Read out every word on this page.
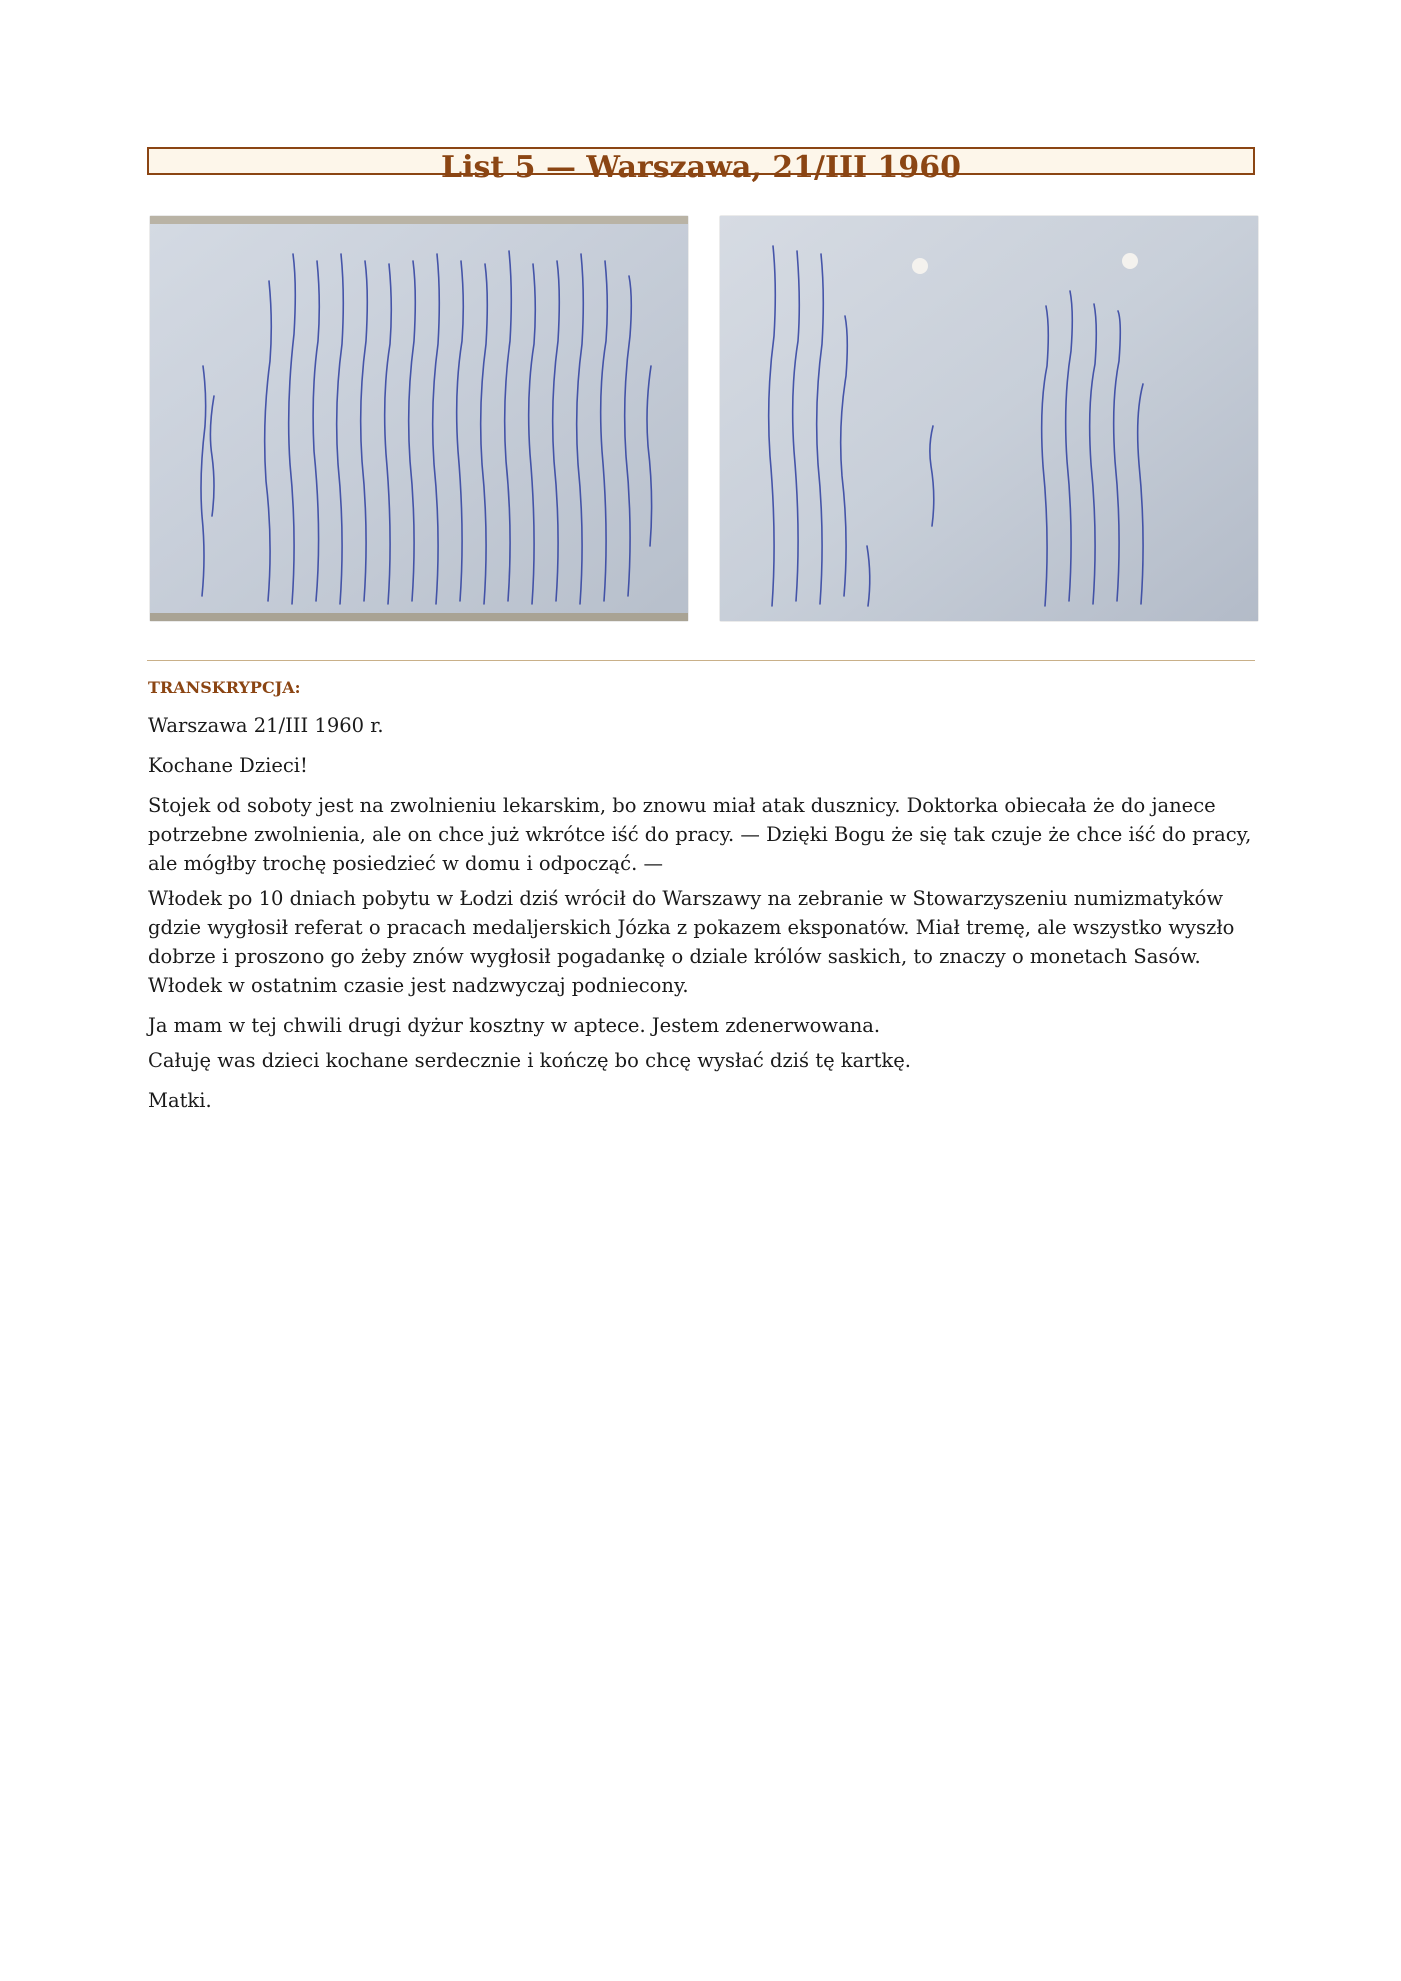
List 5 — Warszawa, 21/III 1960
TRANSKRYPCJA:

Warszawa 21/III 1960 r.

Kochane Dzieci!

Stojek od soboty jest na zwolnieniu lekarskim, bo znowu miał atak dusznicy. Doktorka obiecała że do janece potrzebne zwolnienia, ale on chce już wkrótce iść do pracy. — Dzięki Bogu że się tak czuje że chce iść do pracy, ale mógłby trochę posiedzieć w domu i odpocząć. —

Włodek po 10 dniach pobytu w Łodzi dziś wrócił do Warszawy na zebranie w Stowarzyszeniu numizmatyków gdzie wygłosił referat o pracach medaljerskich Józka z pokazem eksponatów. Miał tremę, ale wszystko wyszło dobrze i proszono go żeby znów wygłosił pogadankę o dziale królów saskich, to znaczy o monetach Sasów. Włodek w ostatnim czasie jest nadzwyczaj podniecony.

Ja mam w tej chwili drugi dyżur kosztny w aptece. Jestem zdenerwowana.

Całuję was dzieci kochane serdecznie i kończę bo chcę wysłać dziś tę kartkę.

Matki.
